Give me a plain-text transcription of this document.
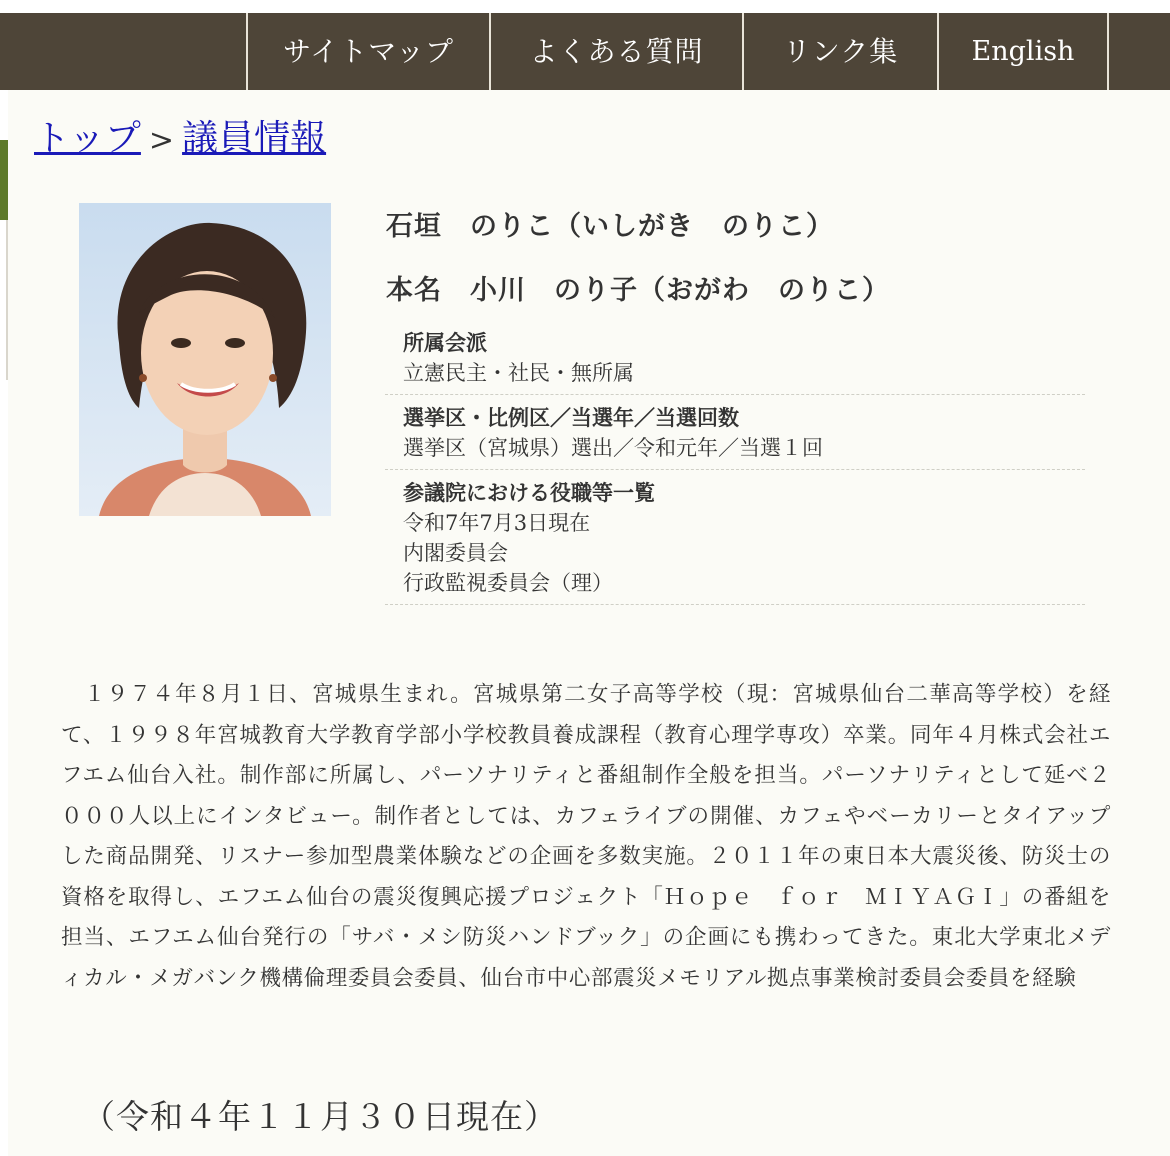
サイトマップ	よくある質問	リンク集	English
トップ > 議員情報
石垣　のりこ（いしがき　のりこ）
本名　小川　のり子（おがわ　のりこ）
所属会派
立憲民主・社民・無所属
選挙区・比例区／当選年／当選回数
選挙区（宮城県）選出／令和元年／当選１回
参議院における役職等一覧
令和7年7月3日現在
内閣委員会
行政監視委員会（理）
　１９７４年８月１日、宮城県生まれ。宮城県第二女子高等学校（現：宮城県仙台二華高等学校）を経て、１９９８年宮城教育大学教育学部小学校教員養成課程（教育心理学専攻）卒業。同年４月株式会社エフエム仙台入社。制作部に所属し、パーソナリティと番組制作全般を担当。パーソナリティとして延べ２０００人以上にインタビュー。制作者としては、カフェライブの開催、カフェやベーカリーとタイアップした商品開発、リスナー参加型農業体験などの企画を多数実施。２０１１年の東日本大震災後、防災士の資格を取得し、エフエム仙台の震災復興応援プロジェクト「Ｈｏｐｅ　ｆｏｒ　ＭＩＹＡＧＩ」の番組を担当、エフエム仙台発行の「サバ・メシ防災ハンドブック」の企画にも携わってきた。東北大学東北メディカル・メガバンク機構倫理委員会委員、仙台市中心部震災メモリアル拠点事業検討委員会委員を経験
（令和４年１１月３０日現在）
